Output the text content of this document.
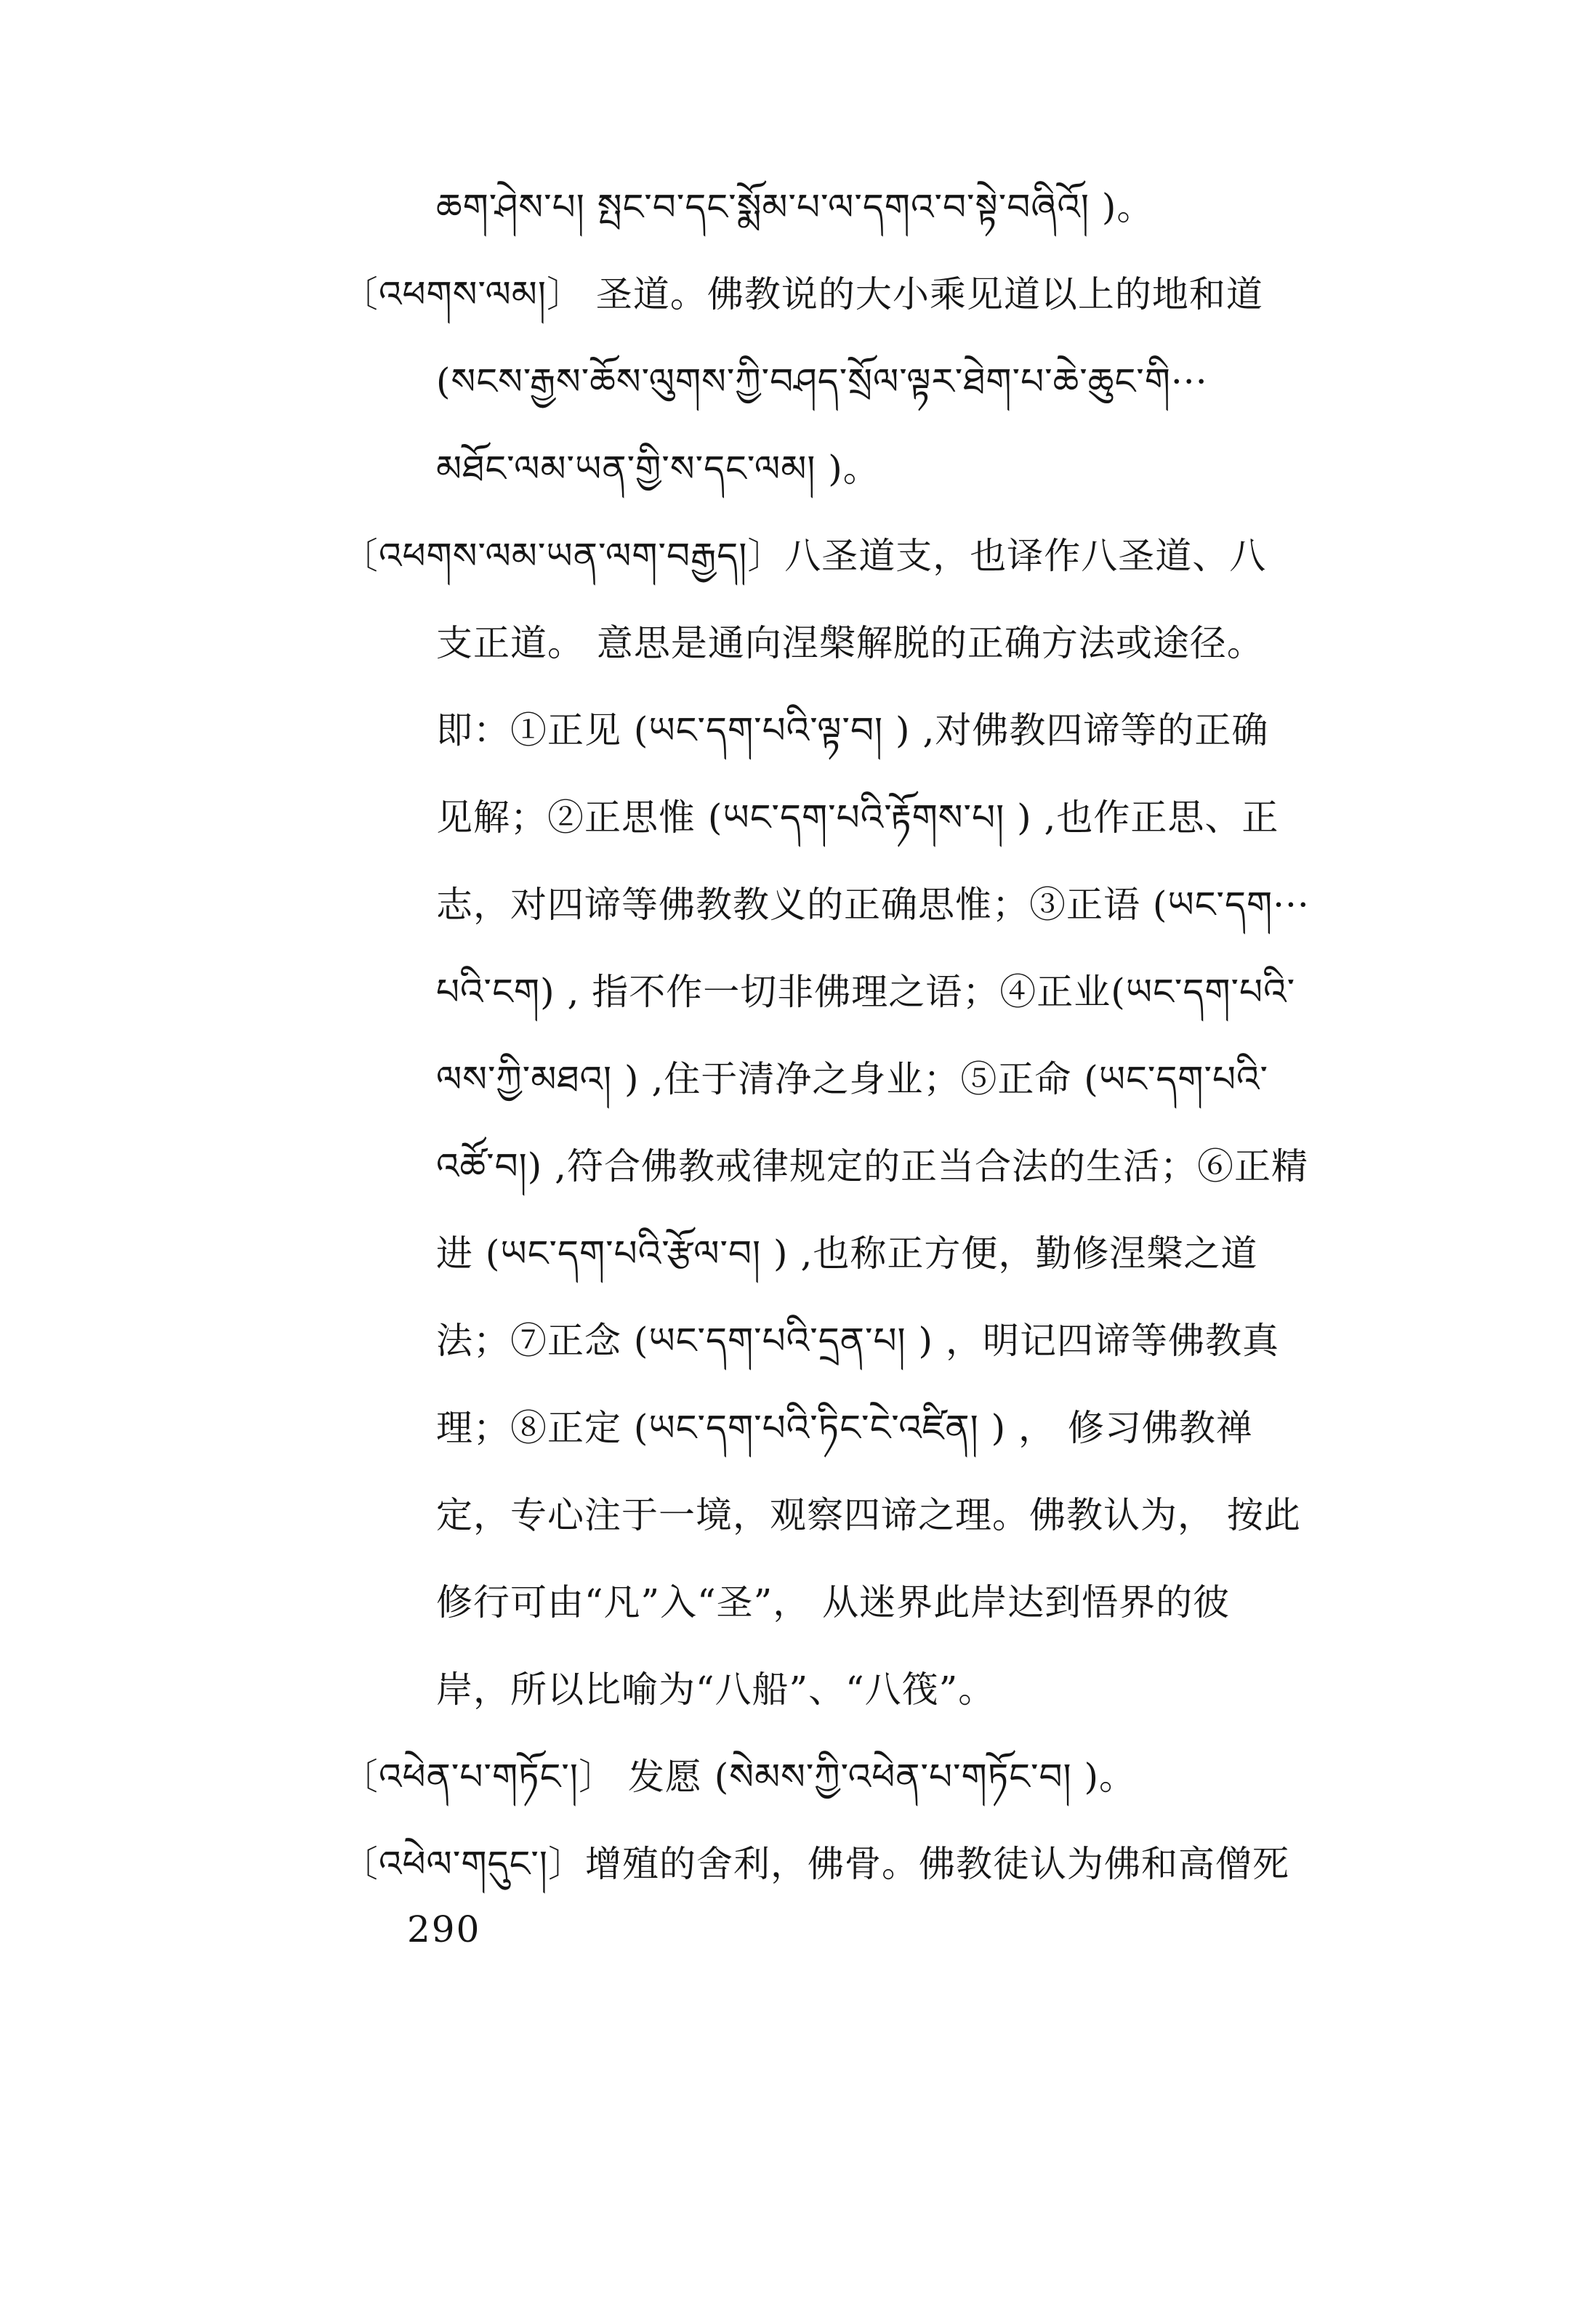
ཆག་ཤེས་པ། སྤང་བ་དང་སྨོམ་པ་ལ་དགའ་བ་སྟེ་བཞིའོ། )。
〔འཕགས་ལམ།〕 圣道。佛教说的大小乘见道以上的地和道
(སངས་རྒྱས་ཆོས་ལུགས་ཀྱི་བཤད་སྲོལ་ལྟར་ཐེག་པ་ཆེ་ཆུང་གི···
མཐོང་ལམ་ཡན་གྱི་ས་དང་ལམ། )。
〔འཕགས་ལམ་ཡན་ལག་བརྒྱད།〕八圣道支，也译作八圣道、八
支正道。 意思是通向涅槃解脱的正确方法或途径。
即：①正见 (ཡང་དག་པའི་ལྟ་བ། ) ,对佛教四谛等的正确
见解；②正思惟 (ཡང་དག་པའི་རྟོགས་པ། ) ,也作正思、正
志，对四谛等佛教教义的正确思惟；③正语 (ཡང་དག···
པའི་ངག) , 指不作一切非佛理之语；④正业(ཡང་དག་པའི་
ལས་ཀྱི་མཐའ། ) ,住于清净之身业；⑤正命 (ཡང་དག་པའི་
འཚོ་བ།) ,符合佛教戒律规定的正当合法的生活；⑥正精
进 (ཡང་དག་པའི་རྩོལ་བ། ) ,也称正方便，勤修涅槃之道
法；⑦正念 (ཡང་དག་པའི་དྲན་པ། ) ，明记四谛等佛教真
理；⑧正定 (ཡང་དག་པའི་ཏིང་ངེ་འཛིན། ) ， 修习佛教禅
定，专心注于一境，观察四谛之理。佛教认为， 按此
修行可由“凡”入“圣”， 从迷界此岸达到悟界的彼
岸，所以比喻为“八船”、“八筏”。
〔འཕེན་པ་གཏོང་།〕 发愿 (སེམས་ཀྱི་འཕེན་པ་གཏོང་བ། )。
〔འཕེལ་གདུང་།〕增殖的舍利，佛骨。佛教徒认为佛和高僧死
290
